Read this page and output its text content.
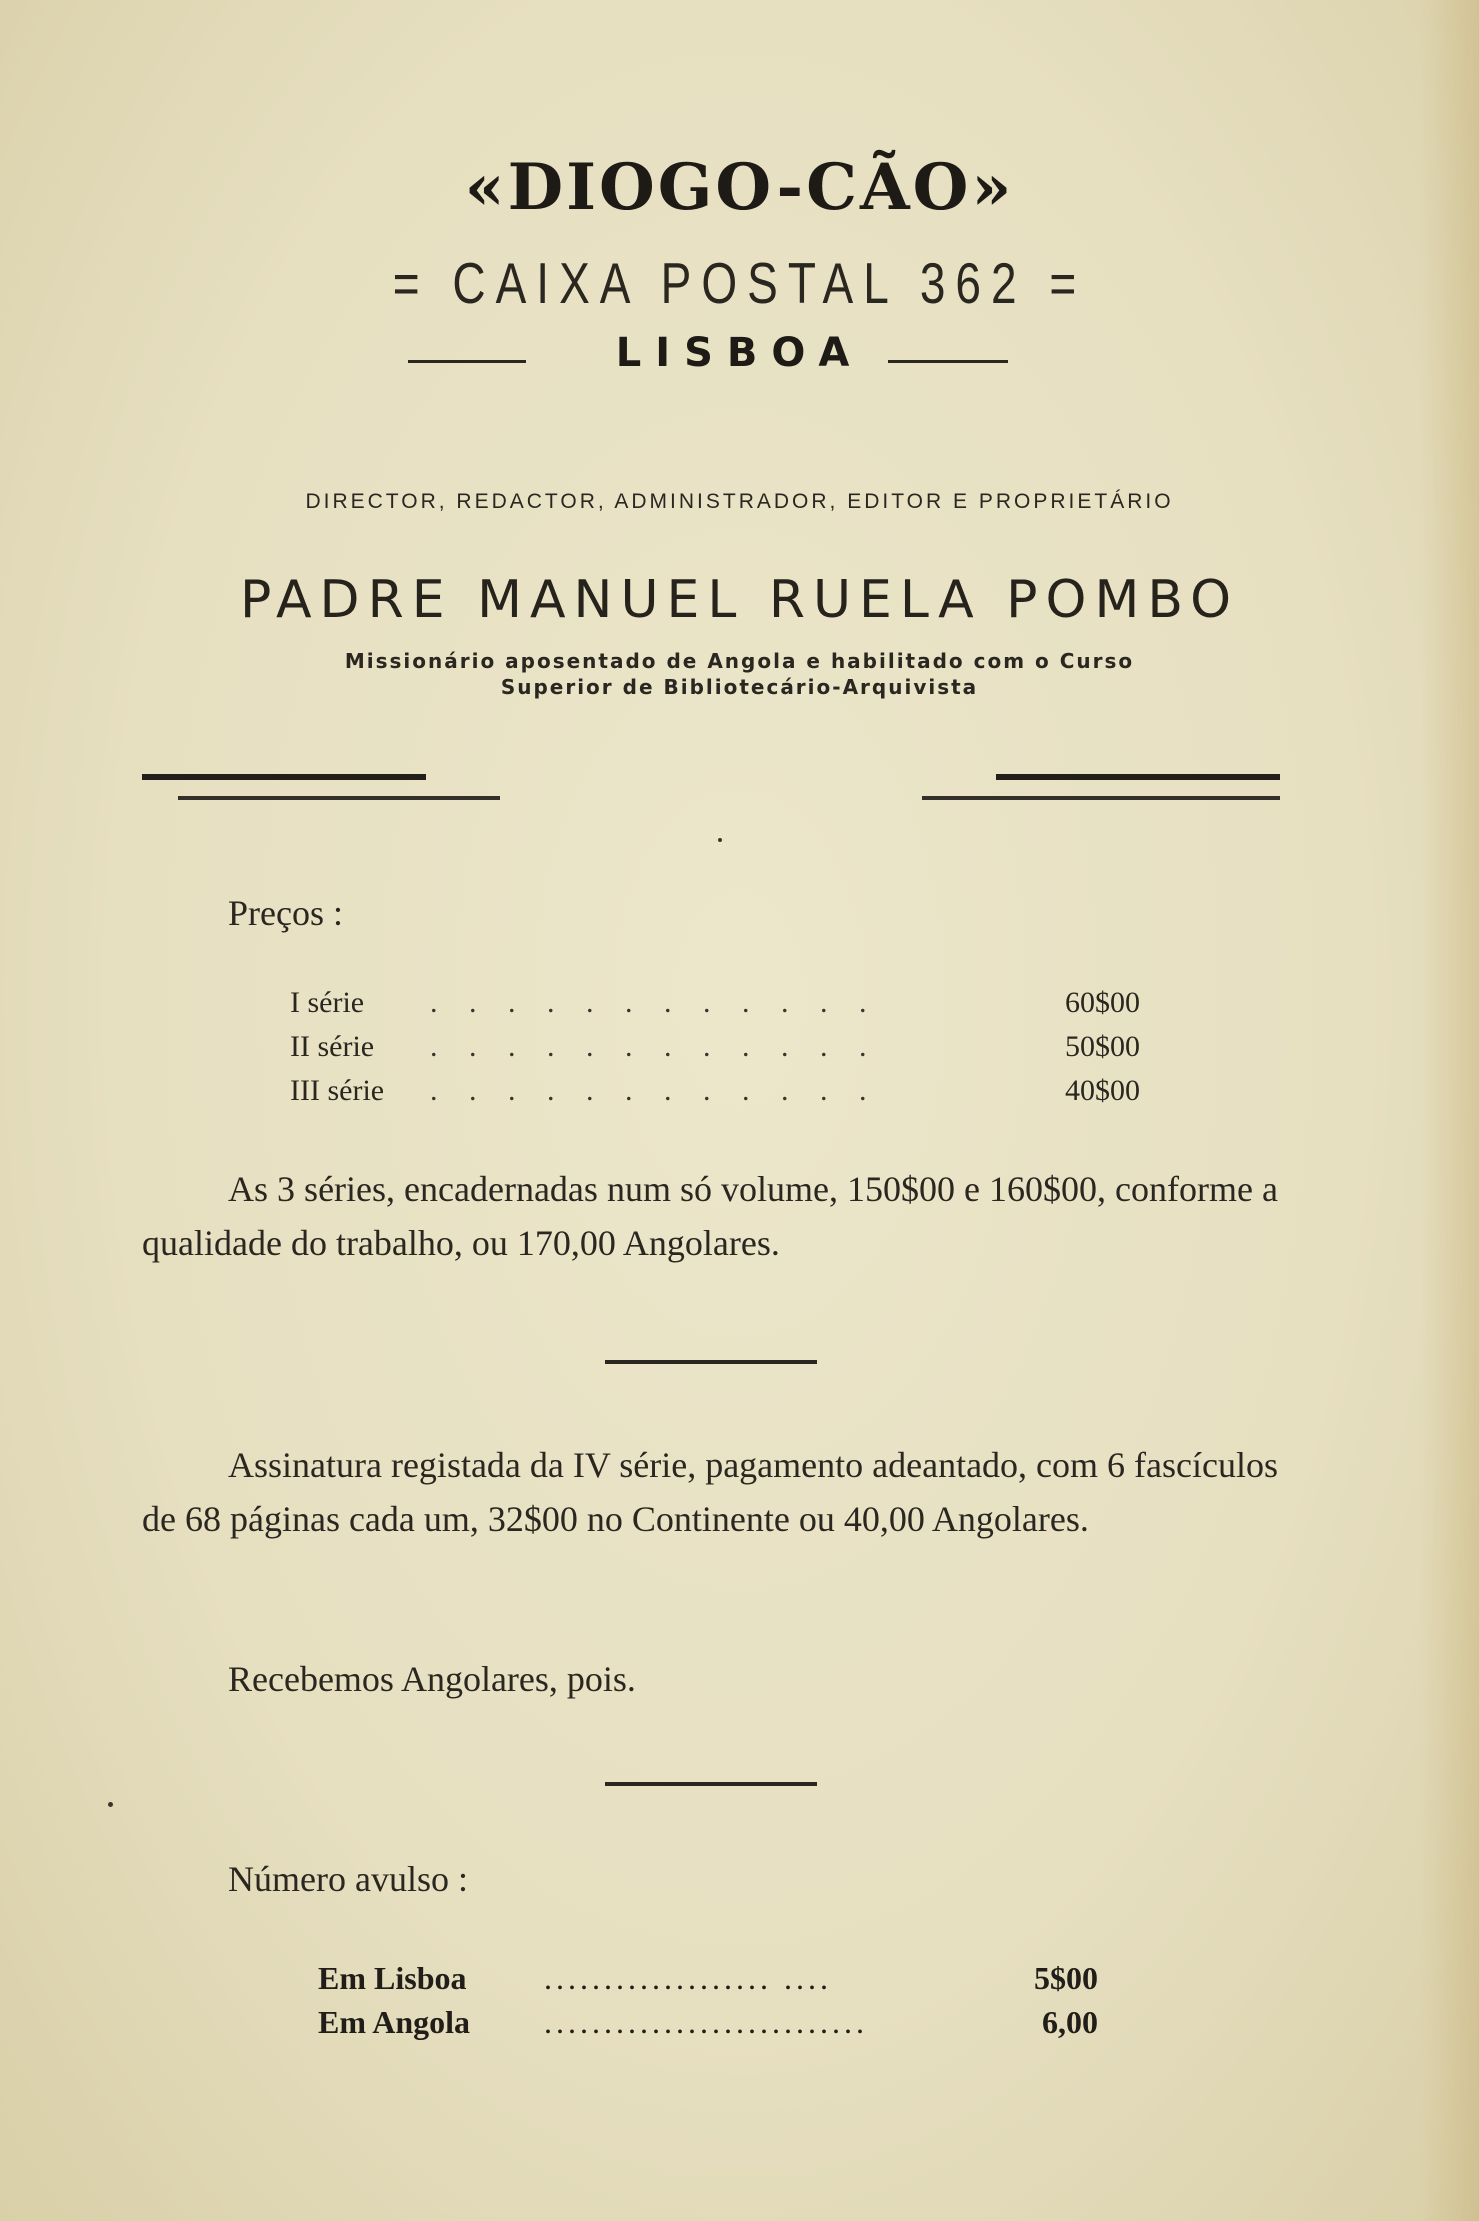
«DIOGO-CÃO»
= CAIXA POSTAL 362 =
LISBOA
DIRECTOR, REDACTOR, ADMINISTRADOR, EDITOR E PROPRIETÁRIO
PADRE MANUEL RUELA POMBO
Missionário aposentado de Angola e habilitado com o Curso
Superior de Bibliotecário-Arquivista
Preços :
I série . . . . . . . . . . . .	60$00
II série . . . . . . . . . . . .	50$00
III série . . . . . . . . . . . .	40$00
As 3 séries, encadernadas num só volume, 150$00 e 160$00, conforme a qualidade do trabalho, ou 170,00 Angolares.
Assinatura registada da IV série, pagamento adeantado, com 6 fascículos de 68 páginas cada um, 32$00 no Continente ou 40,00 Angolares.
Recebemos Angolares, pois.
Número avulso :
Em Lisboa ................... ....	5$00
Em Angola ...........................	6,00
